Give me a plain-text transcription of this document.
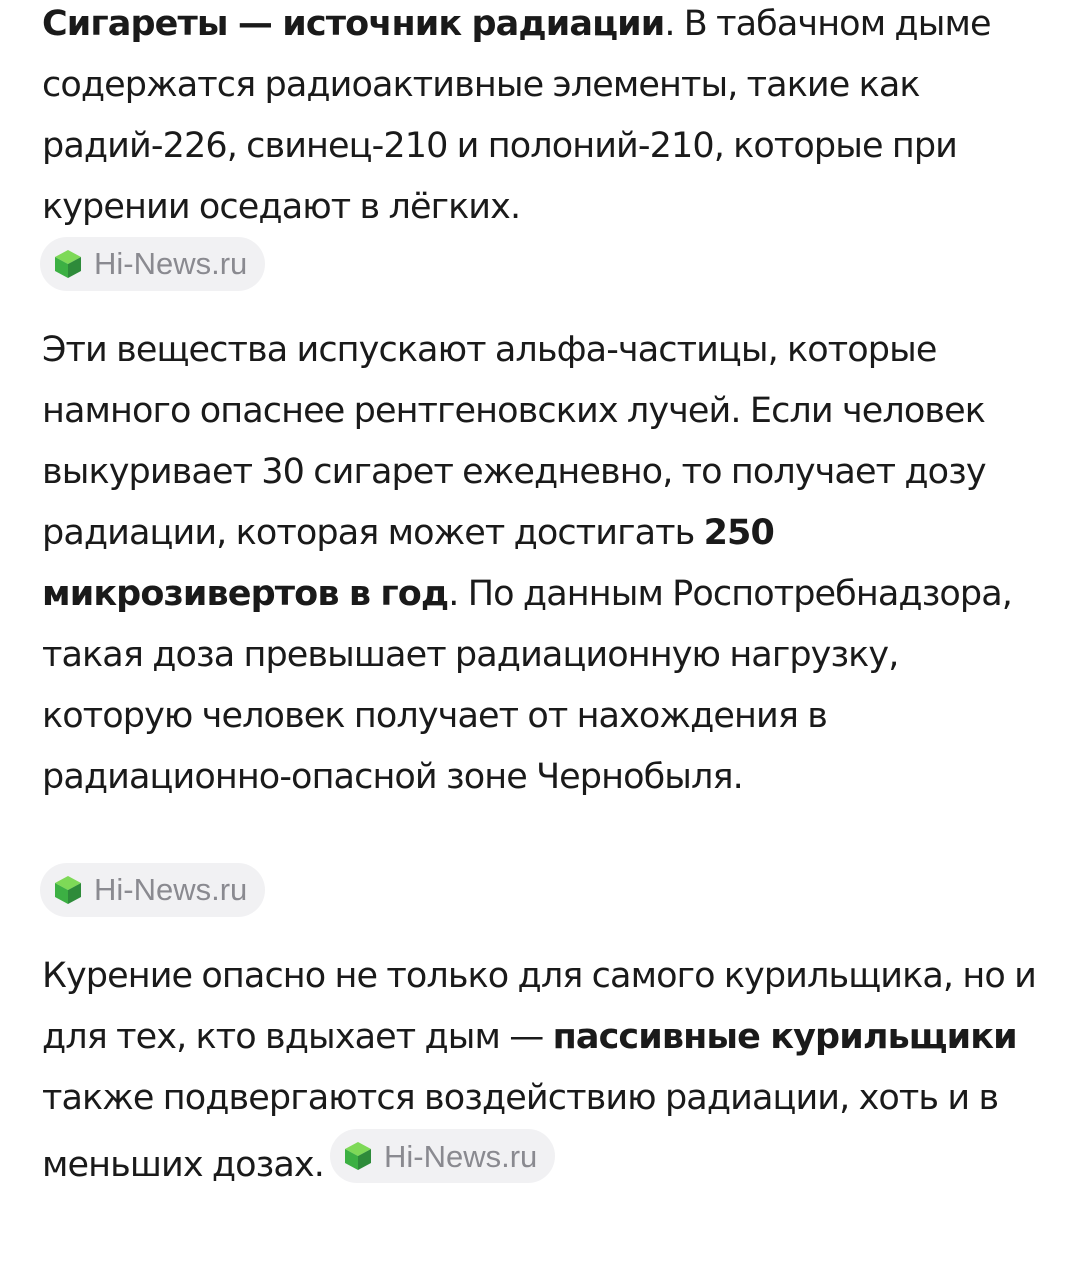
Сигареты — источник радиации. В табачном дыме содержатся радиоактивные элементы, такие как радий-226, свинец-210 и полоний-210, которые при курении оседают в лёгких.

Hi-News.ru

Эти вещества испускают альфа-частицы, которые намного опаснее рентгеновских лучей. Если человек выкуривает 30 сигарет ежедневно, то получает дозу радиации, которая может достигать 250 микрозивертов в год. По данным Роспотребнадзора, такая доза превышает радиационную нагрузку, которую человек получает от нахождения в радиационно-опасной зоне Чернобыля.

Hi-News.ru

Курение опасно не только для самого курильщика, но и для тех, кто вдыхает дым — пассивные курильщики также подвергаются воздействию радиации, хоть и в меньших дозах. Hi-News.ru
